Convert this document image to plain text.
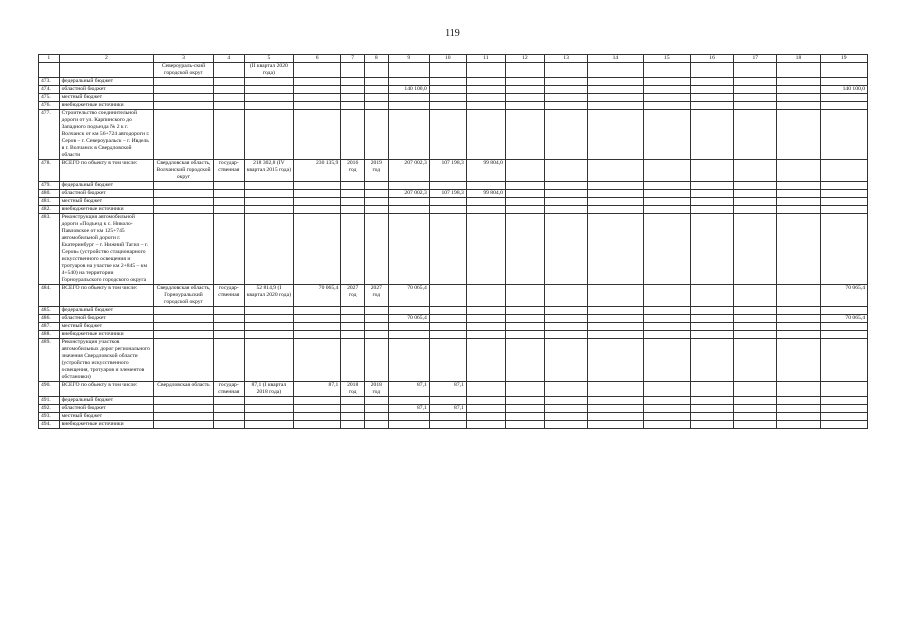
119
1	2	3	4	5	6	7	8	9	10	11	12	13	14	15	16	17	18	19
		Североураль-ский городской округ		(II квартал 2020 года)														
473.	федеральный бюджет																	
474.	областной бюджет							140 100,0										140 100,0
475.	местный бюджет																	
476.	внебюджетные источники																	
477.	Строительство соединительной дороги от ул. Карпинского до Западного подъезда № 2 к г. Волчанск от км 56+724 автодороги г. Серов – г. Североуральск – г. Ивдель в г. Волчанск в Свердловской области																	
478.	ВСЕГО по объекту в том числе:	Свердловская область, Волчанский городской округ	государ-ственная	218 302,8 (IV квартал 2015 года)	230 135,9	2016 год	2019 год	207 002,3	107 198,3	99 804,0								
479.	федеральный бюджет																	
480.	областной бюджет							207 002,3	107 198,3	99 804,0								
481.	местный бюджет																	
482.	внебюджетные источники																	
483.	Реконструкция автомобильной дороги «Подъезд к с. Николо-Павловское от км 125+745 автомобильной дороги г. Екатеринбург – г. Нижний Тагил – г. Серов» (устройство стационарного искусственного освещения и тротуаров на участке км 2+845 – км 4+540) на территории Горноуральского городского округа																	
484.	ВСЕГО по объекту в том числе:	Свердловская область, Горноуральский городской округ	государ-ственная	52 814,9 (I квартал 2020 года)	70 065,4	2027 год	2027 год	70 065,4										70 065,4
485.	федеральный бюджет																	
486.	областной бюджет							70 065,4										70 065,4
487.	местный бюджет																	
488.	внебюджетные источники																	
489.	Реконструкция участков автомобильных дорог регионального значения Свердловской области (устройство искусственного освещения, тротуаров и элементов обстановки)																	
490.	ВСЕГО по объекту в том числе:	Свердловская область	государ-ственная	87,1 (I квартал 2018 года)	87,1	2018 год	2018 год	87,1	87,1									
491.	федеральный бюджет																	
492.	областной бюджет							87,1	87,1									
493.	местный бюджет																	
494.	внебюджетные источники																	
